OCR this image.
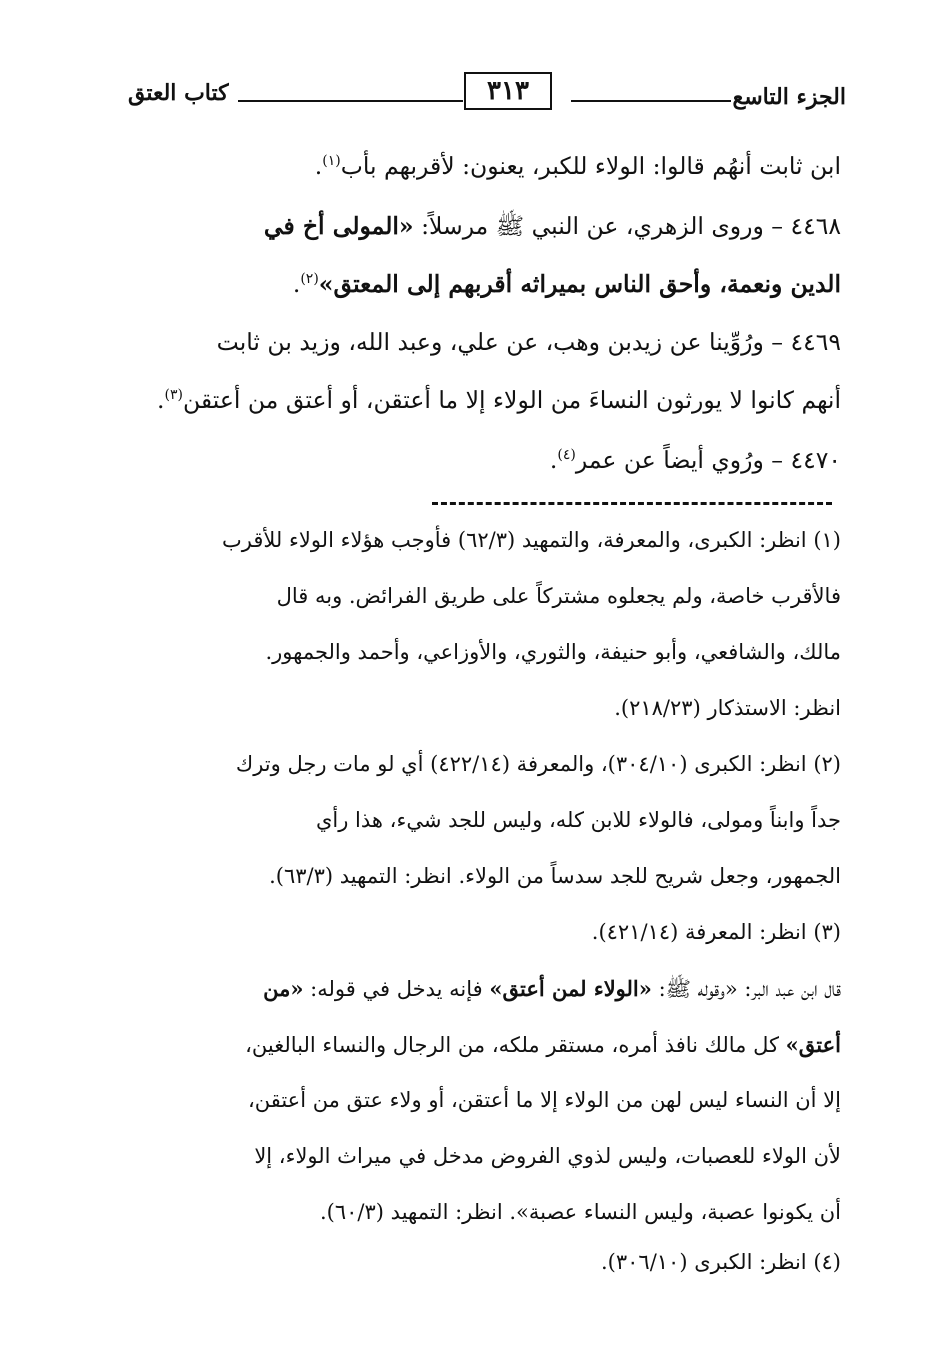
الجزء التاسع
٣١٣
كتاب العتق
ابن ثابت أنهُم قالوا: الولاء للكبر، يعنون: لأقربهم بأب$^{(١)}$.
٤٤٦٨ – وروى الزهري، عن النبي ﷺ مرسلاً: «المولى أخ في
الدين ونعمة، وأحق الناس بميراثه أقربهم إلى المعتق»$^{(٢)}$.
٤٤٦٩ – ورُوِّينا عن زيدبن وهب، عن علي، وعبد الله، وزيد بن ثابت
أنهم كانوا لا يورثون النساءَ من الولاء إلا ما أعتقن، أو أعتق من أعتقن$^{(٣)}$.
٤٤٧٠ – ورُوي أيضاً عن عمر$^{(٤)}$.
(١) انظر: الكبرى، والمعرفة، والتمهيد (٦٢/٣) فأوجب هؤلاء الولاء للأقرب
فالأقرب خاصة، ولم يجعلوه مشتركاً على طريق الفرائض. وبه قال
مالك، والشافعي، وأبو حنيفة، والثوري، والأوزاعي، وأحمد والجمهور.
انظر: الاستذكار (٢١٨/٢٣).
(٢) انظر: الكبرى (٣٠٤/١٠)، والمعرفة (٤٢٢/١٤) أي لو مات رجل وترك
جداً وابناً ومولى، فالولاء للابن كله، وليس للجد شيء، هذا رأي
الجمهور، وجعل شريح للجد سدساً من الولاء. انظر: التمهيد (٦٣/٣).
(٣) انظر: المعرفة (٤٢١/١٤).
قال ابن عبد البر: «وقوله ﷺ: «الولاء لمن أعتق» فإنه يدخل في قوله: «من
أعتق» كل مالك نافذ أمره، مستقر ملكه، من الرجال والنساء البالغين،
إلا أن النساء ليس لهن من الولاء إلا ما أعتقن، أو ولاء عتق من أعتقن،
لأن الولاء للعصبات، وليس لذوي الفروض مدخل في ميراث الولاء، إلا
أن يكونوا عصبة، وليس النساء عصبة». انظر: التمهيد (٦٠/٣).
(٤) انظر: الكبرى (٣٠٦/١٠).
